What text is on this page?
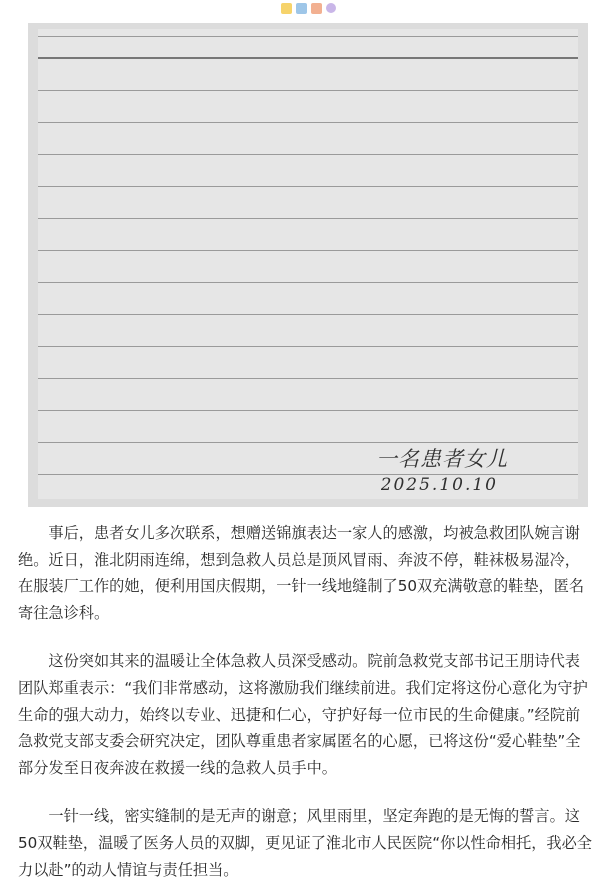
一名患者女儿
2025.10.10

事后，患者女儿多次联系，想赠送锦旗表达一家人的感激，均被急救团队婉言谢绝。近日，淮北阴雨连绵，想到急救人员总是顶风冒雨、奔波不停，鞋袜极易湿冷，在服装厂工作的她，便利用国庆假期，一针一线地缝制了50双充满敬意的鞋垫，匿名寄往急诊科。

这份突如其来的温暖让全体急救人员深受感动。院前急救党支部书记王朋诗代表团队郑重表示：“我们非常感动，这将激励我们继续前进。我们定将这份心意化为守护生命的强大动力，始终以专业、迅捷和仁心，守护好每一位市民的生命健康。”经院前急救党支部支委会研究决定，团队尊重患者家属匿名的心愿，已将这份“爱心鞋垫”全部分发至日夜奔波在救援一线的急救人员手中。

一针一线，密实缝制的是无声的谢意；风里雨里，坚定奔跑的是无悔的誓言。这50双鞋垫，温暖了医务人员的双脚，更见证了淮北市人民医院“你以性命相托，我必全力以赴”的动人情谊与责任担当。
